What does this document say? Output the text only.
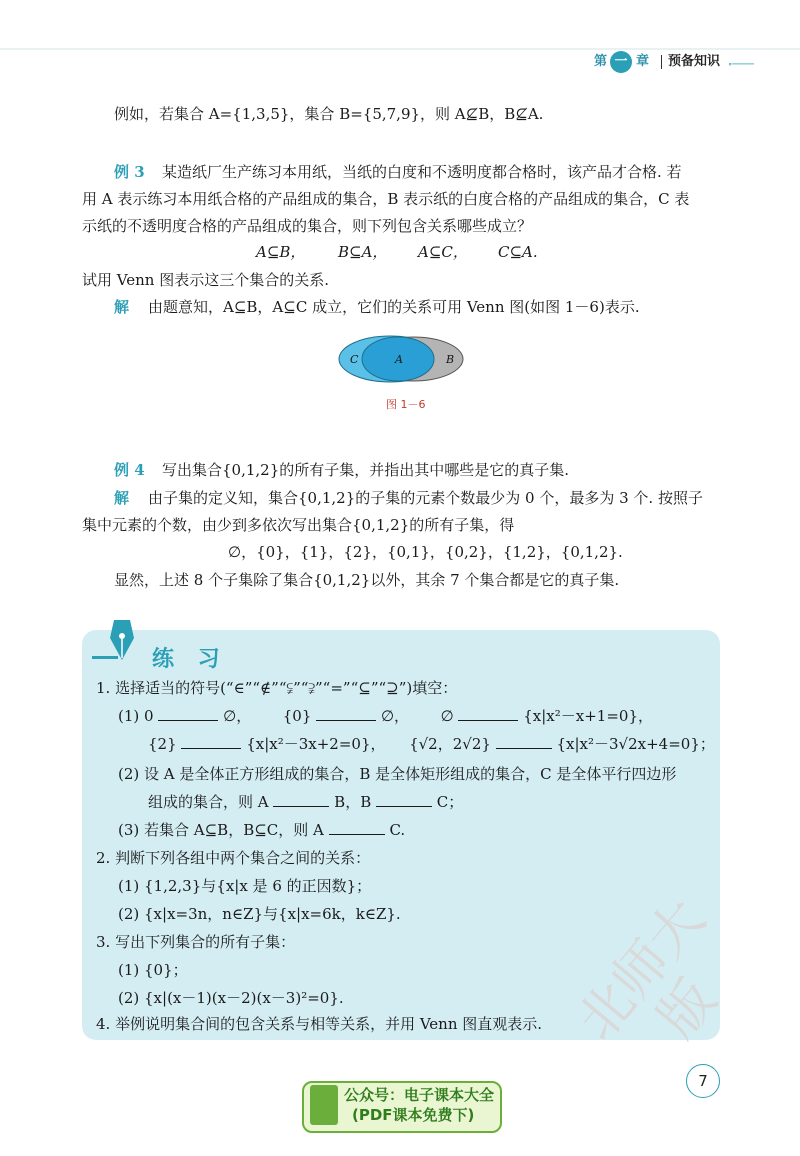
第 一 章 预备知识 ∘────
例如，若集合 A={1,3,5}，集合 B={5,7,9}，则 A⊈B，B⊈A.
例 3 某造纸厂生产练习本用纸，当纸的白度和不透明度都合格时，该产品才合格. 若
用 A 表示练习本用纸合格的产品组成的集合，B 表示纸的白度合格的产品组成的集合，C 表
示纸的不透明度合格的产品组成的集合，则下列包含关系哪些成立？
A⊆B， B⊆A， A⊆C， C⊆A.
试用 Venn 图表示这三个集合的关系.
解 由题意知，A⊆B，A⊆C 成立，它们的关系可用 Venn 图(如图 1－6)表示.
C	A	B
图 1－6
例 4 写出集合{0,1,2}的所有子集，并指出其中哪些是它的真子集.
解 由子集的定义知，集合{0,1,2}的子集的元素个数最少为 0 个，最多为 3 个. 按照子
集中元素的个数，由少到多依次写出集合{0,1,2}的所有子集，得
∅，{0}，{1}，{2}，{0,1}，{0,2}，{1,2}，{0,1,2}.
显然，上述 8 个子集除了集合{0,1,2}以外，其余 7 个集合都是它的真子集.
练 习
1. 选择适当的符号(“∈”“∉”“⫋”“⫌”“=”“⊆”“⊇”)填空：
(1) 0	∅， {0}	∅， ∅	{x|x²－x+1=0}，
{2}	{x|x²－3x+2=0}， {√2，2√2}	{x|x²－3√2x+4=0}；
(2) 设 A 是全体正方形组成的集合，B 是全体矩形组成的集合，C 是全体平行四边形
组成的集合，则 A	B，B	C；
(3) 若集合 A⊆B，B⊆C，则 A	C.
2. 判断下列各组中两个集合之间的关系：
(1) {1,2,3}与{x|x 是 6 的正因数}；
(2) {x|x=3n，n∈Z}与{x|x=6k，k∈Z}.
3. 写出下列集合的所有子集：
(1) {0}；
(2) {x|(x－1)(x－2)(x－3)²=0}.
4. 举例说明集合间的包含关系与相等关系，并用 Venn 图直观表示. 北师大版
7
公众号：电子课本大全
(PDF课本免费下)
